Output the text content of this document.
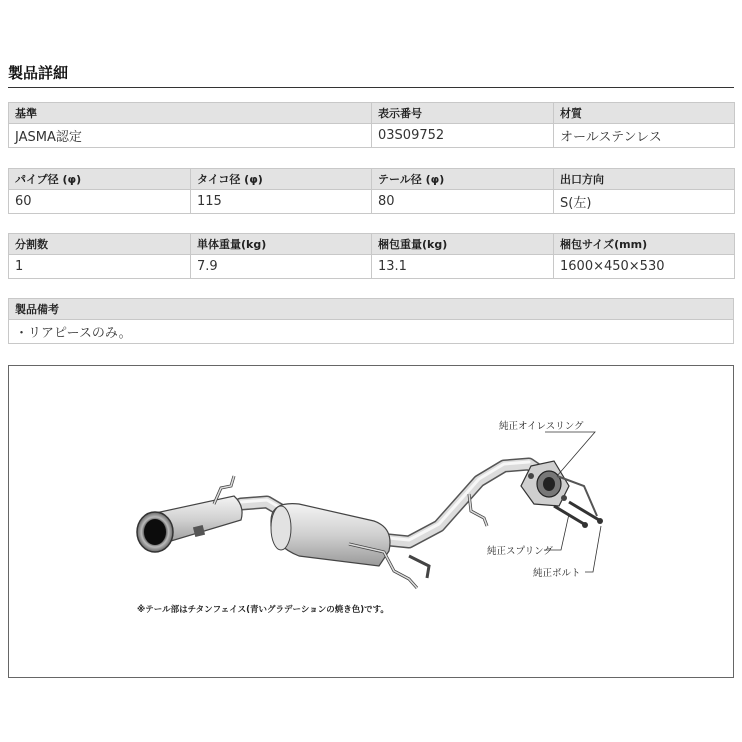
製品詳細
基準	表示番号	材質
JASMA認定	03S09752	オールステンレス
パイプ径 (φ)	タイコ径 (φ)	テール径 (φ)	出口方向
60	115	80	S(左)
分割数	単体重量(kg)	梱包重量(kg)	梱包サイズ(mm)
1	7.9	13.1	1600×450×530
製品備考
・リアピースのみ。
純正オイレスリング
純正スプリング
純正ボルト
※テール部はチタンフェイス(青いグラデーションの焼き色)です。
